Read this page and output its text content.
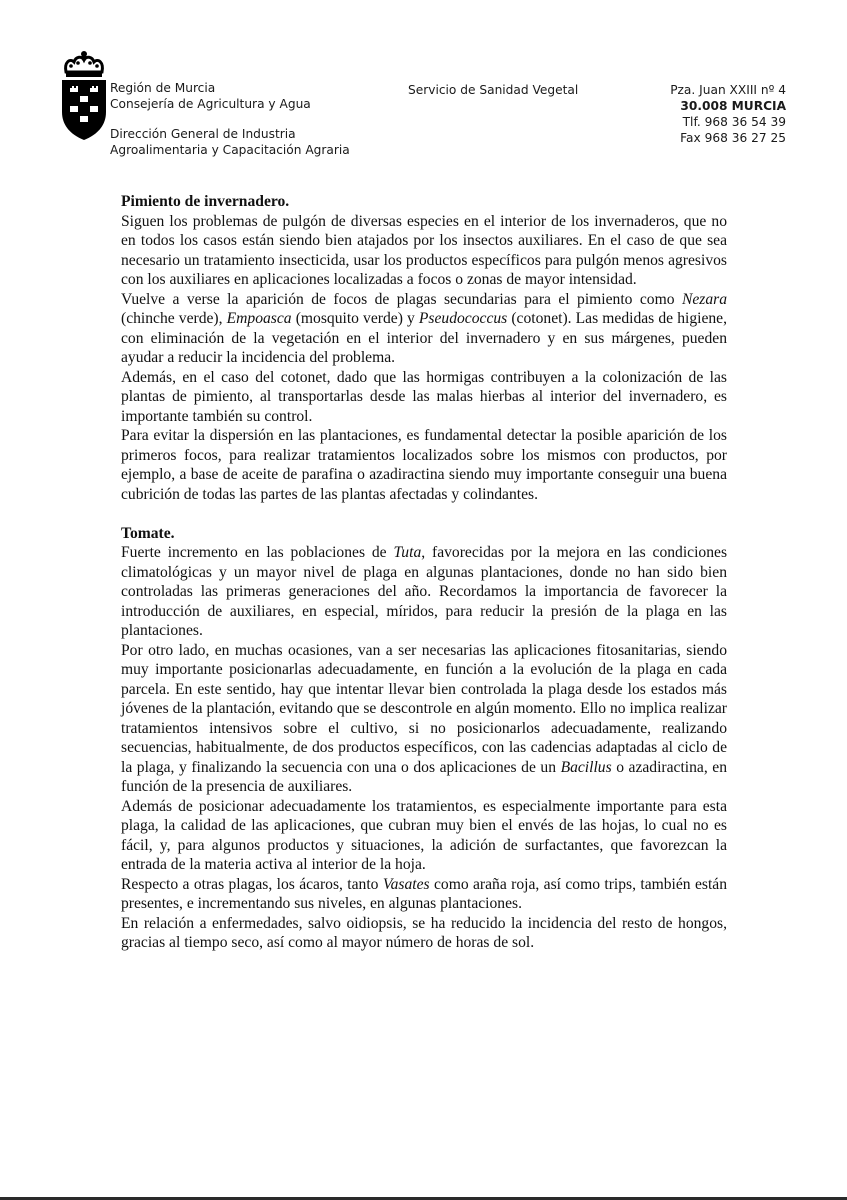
Región de Murcia
Consejería de Agricultura y Agua
Dirección General de Industria
Agroalimentaria y Capacitación Agraria
Servicio de Sanidad Vegetal	Pza. Juan XXIII nº 4
30.008 MURCIA
Tlf. 968 36 54 39
Fax 968 36 27 25

Pimiento de invernadero.

Siguen los problemas de pulgón de diversas especies en el interior de los invernaderos, que no en todos los casos están siendo bien atajados por los insectos auxiliares. En el caso de que sea necesario un tratamiento insecticida, usar los productos específicos para pulgón menos agresivos con los auxiliares en aplicaciones localizadas a focos o zonas de mayor intensidad.

Vuelve a verse la aparición de focos de plagas secundarias para el pimiento como Nezara (chinche verde), Empoasca (mosquito verde) y Pseudococcus (cotonet). Las medidas de higiene, con eliminación de la vegetación en el interior del invernadero y en sus márgenes, pueden ayudar a reducir la incidencia del problema.

Además, en el caso del cotonet, dado que las hormigas contribuyen a la colonización de las plantas de pimiento, al transportarlas desde las malas hierbas al interior del invernadero, es importante también su control.

Para evitar la dispersión en las plantaciones, es fundamental detectar la posible aparición de los primeros focos, para realizar tratamientos localizados sobre los mismos con productos, por ejemplo, a base de aceite de parafina o azadiractina siendo muy importante conseguir una buena cubrición de todas las partes de las plantas afectadas y colindantes.

Tomate.

Fuerte incremento en las poblaciones de Tuta, favorecidas por la mejora en las condiciones climatológicas y un mayor nivel de plaga en algunas plantaciones, donde no han sido bien controladas las primeras generaciones del año. Recordamos la importancia de favorecer la introducción de auxiliares, en especial, míridos, para reducir la presión de la plaga en las plantaciones.

Por otro lado, en muchas ocasiones, van a ser necesarias las aplicaciones fitosanitarias, siendo muy importante posicionarlas adecuadamente, en función a la evolución de la plaga en cada parcela. En este sentido, hay que intentar llevar bien controlada la plaga desde los estados más jóvenes de la plantación, evitando que se descontrole en algún momento. Ello no implica realizar tratamientos intensivos sobre el cultivo, si no posicionarlos adecuadamente, realizando secuencias, habitualmente, de dos productos específicos, con las cadencias adaptadas al ciclo de la plaga, y finalizando la secuencia con una o dos aplicaciones de un Bacillus o azadiractina, en función de la presencia de auxiliares.

Además de posicionar adecuadamente los tratamientos, es especialmente importante para esta plaga, la calidad de las aplicaciones, que cubran muy bien el envés de las hojas, lo cual no es fácil, y, para algunos productos y situaciones, la adición de surfactantes, que favorezcan la entrada de la materia activa al interior de la hoja.

Respecto a otras plagas, los ácaros, tanto Vasates como araña roja, así como trips, también están presentes, e incrementando sus niveles, en algunas plantaciones.

En relación a enfermedades, salvo oidiopsis, se ha reducido la incidencia del resto de hongos, gracias al tiempo seco, así como al mayor número de horas de sol.
